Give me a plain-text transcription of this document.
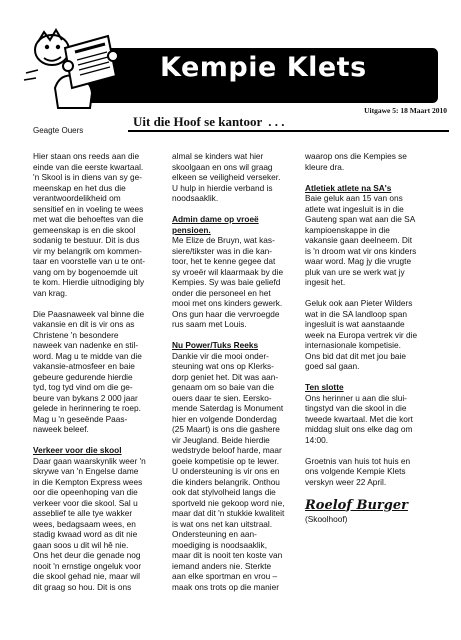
Kempie Klets
Uitgawe 5: 18 Maart 2010
Uit die Hoof se kantoor . . .
Geagte Ouers

Hier staan ons reeds aan die
einde van die eerste kwartaal.
'n Skool is in diens van sy ge-
meenskap en het dus die
verantwoordelikheid om
sensitief en in voeling te wees
met wat die behoeftes van die
gemeenskap is en die skool
sodanig te bestuur. Dit is dus
vir my belangrik om kommen-
taar en voorstelle van u te ont-
vang om by bogenoemde uit
te kom. Hierdie uitnodiging bly
van krag.

Die Paasnaweek val binne die
vakansie en dit is vir ons as
Christene 'n besondere
naweek van nadenke en stil-
word. Mag u te midde van die
vakansie-atmosfeer en baie
gebeure gedurende hierdie
tyd, tog tyd vind om die ge-
beure van bykans 2 000 jaar
gelede in herinnering te roep.
Mag u 'n geseënde Paas-
naweek beleef.

Verkeer voor die skool

Daar gaan waarskynlik weer 'n
skrywe van 'n Engelse dame
in die Kempton Express wees
oor die opeenhoping van die
verkeer voor die skool. Sal u
asseblief te alle tye wakker
wees, bedagsaam wees, en
stadig kwaad word as dit nie
gaan soos u dit wil hê nie.
Ons het deur die genade nog
nooit 'n ernstige ongeluk voor
die skool gehad nie, maar wil
dit graag so hou. Dit is ons

almal se kinders wat hier
skoolgaan en ons wil graag
elkeen se veiligheid verseker.
U hulp in hierdie verband is
noodsaaklik.

Admin dame op vroeë
pensioen.

Me Elize de Bruyn, wat kas-
siere/tikster was in die kan-
toor, het te kenne gegee dat
sy vroeër wil klaarmaak by die
Kempies. Sy was baie geliefd
onder die personeel en het
mooi met ons kinders gewerk.
Ons gun haar die vervroegde
rus saam met Louis.

Nu Power/Tuks Reeks

Dankie vir die mooi onder-
steuning wat ons op Klerks-
dorp geniet het. Dit was aan-
genaam om so baie van die
ouers daar te sien. Eersko-
mende Saterdag is Monument
hier en volgende Donderdag
(25 Maart) is ons die gashere
vir Jeugland. Beide hierdie
wedstryde beloof harde, maar
goeie kompetisie op te lewer.
U ondersteuning is vir ons en
die kinders belangrik. Onthou
ook dat stylvolheid langs die
sportveld nie gekoop word nie,
maar dat dit 'n stukkie kwaliteit
is wat ons net kan uitstraal.
Ondersteuning en aan-
moediging is noodsaaklik,
maar dit is nooit ten koste van
iemand anders nie. Sterkte
aan elke sportman en vrou –
maak ons trots op die manier

waarop ons die Kempies se
kleure dra.

Atletiek atlete na SA's

Baie geluk aan 15 van ons
atlete wat ingesluit is in die
Gauteng span wat aan die SA
kampioenskappe in die
vakansie gaan deelneem. Dit
is 'n droom wat vir ons kinders
waar word. Mag jy die vrugte
pluk van ure se werk wat jy
ingesit het.

Geluk ook aan Pieter Wilders
wat in die SA landloop span
ingesluit is wat aanstaande
week na Europa vertrek vir die
internasionale kompetisie.
Ons bid dat dit met jou baie
goed sal gaan.

Ten slotte

Ons herinner u aan die slui-
tingstyd van die skool in die
tweede kwartaal. Met die kort
middag sluit ons elke dag om
14:00.

Groetnis van huis tot huis en
ons volgende Kempie Klets
verskyn weer 22 April.

Roelof Burger

(Skoolhoof)
